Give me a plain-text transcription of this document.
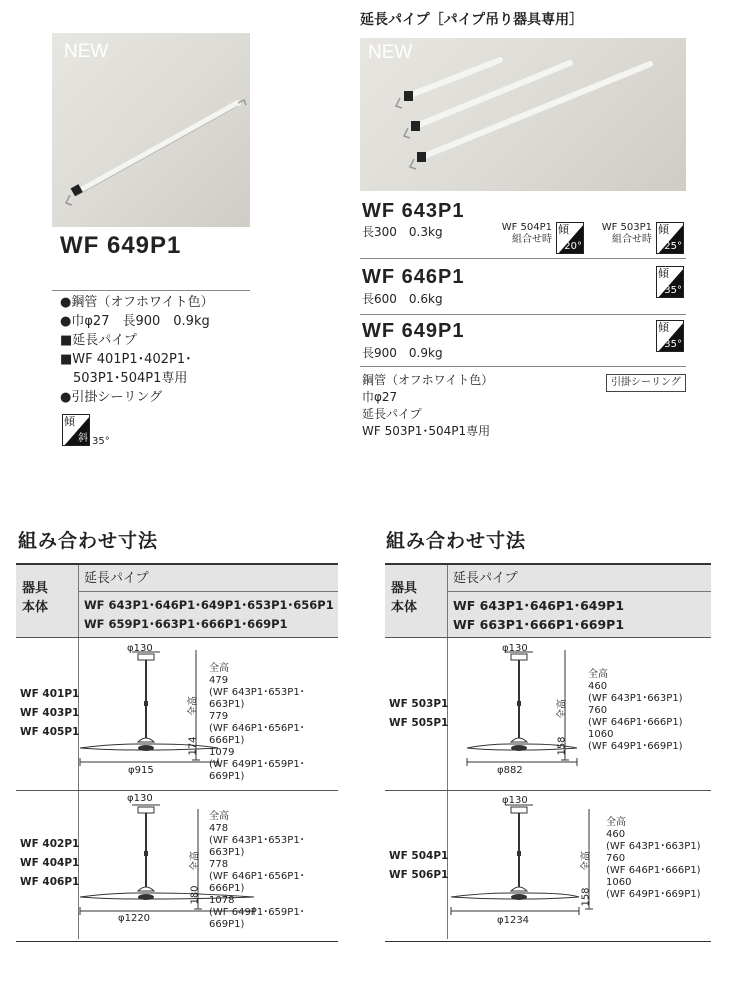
NEW
WF 649P1
●鋼管（オフホワイト色）
●巾φ27　長900　0.9kg
■延長パイプ
■WF 401P1･402P1･
　503P1･504P1専用
●引掛シーリング
傾
斜 35°
延長パイプ［パイプ吊り器具専用］
NEW
WF 643P1
長300　0.3kg	WF 504P1
組合せ時
傾
20°
WF 503P1
組合せ時
傾
25°
WF 646P1
長600　0.6kg
傾
35°
WF 649P1
長900　0.9kg
傾
35°
鋼管（オフホワイト色）
巾φ27
延長パイプ
WF 503P1･504P1専用
引掛シーリング
組み合わせ寸法
器具
本体
延長パイプ
WF 643P1･646P1･649P1･653P1･656P1
WF 659P1･663P1･666P1･669P1
WF 401P1
WF 403P1
WF 405P1
φ130
φ915
174
全高
全高
479
(WF 643P1･653P1･663P1)
779
(WF 646P1･656P1･666P1)
1079
(WF 649P1･659P1･669P1)
WF 402P1
WF 404P1
WF 406P1
φ130
φ1220
180
全高
全高
478
(WF 643P1･653P1･663P1)
778
(WF 646P1･656P1･666P1)
1078
(WF 649P1･659P1･669P1)
組み合わせ寸法
器具
本体
延長パイプ
WF 643P1･646P1･649P1
WF 663P1･666P1･669P1
WF 503P1
WF 505P1
φ130
φ882
158
全高
全高
460
(WF 643P1･663P1)
760
(WF 646P1･666P1)
1060
(WF 649P1･669P1)
WF 504P1
WF 506P1
φ130
φ1234
158
全高
全高
460
(WF 643P1･663P1)
760
(WF 646P1･666P1)
1060
(WF 649P1･669P1)
